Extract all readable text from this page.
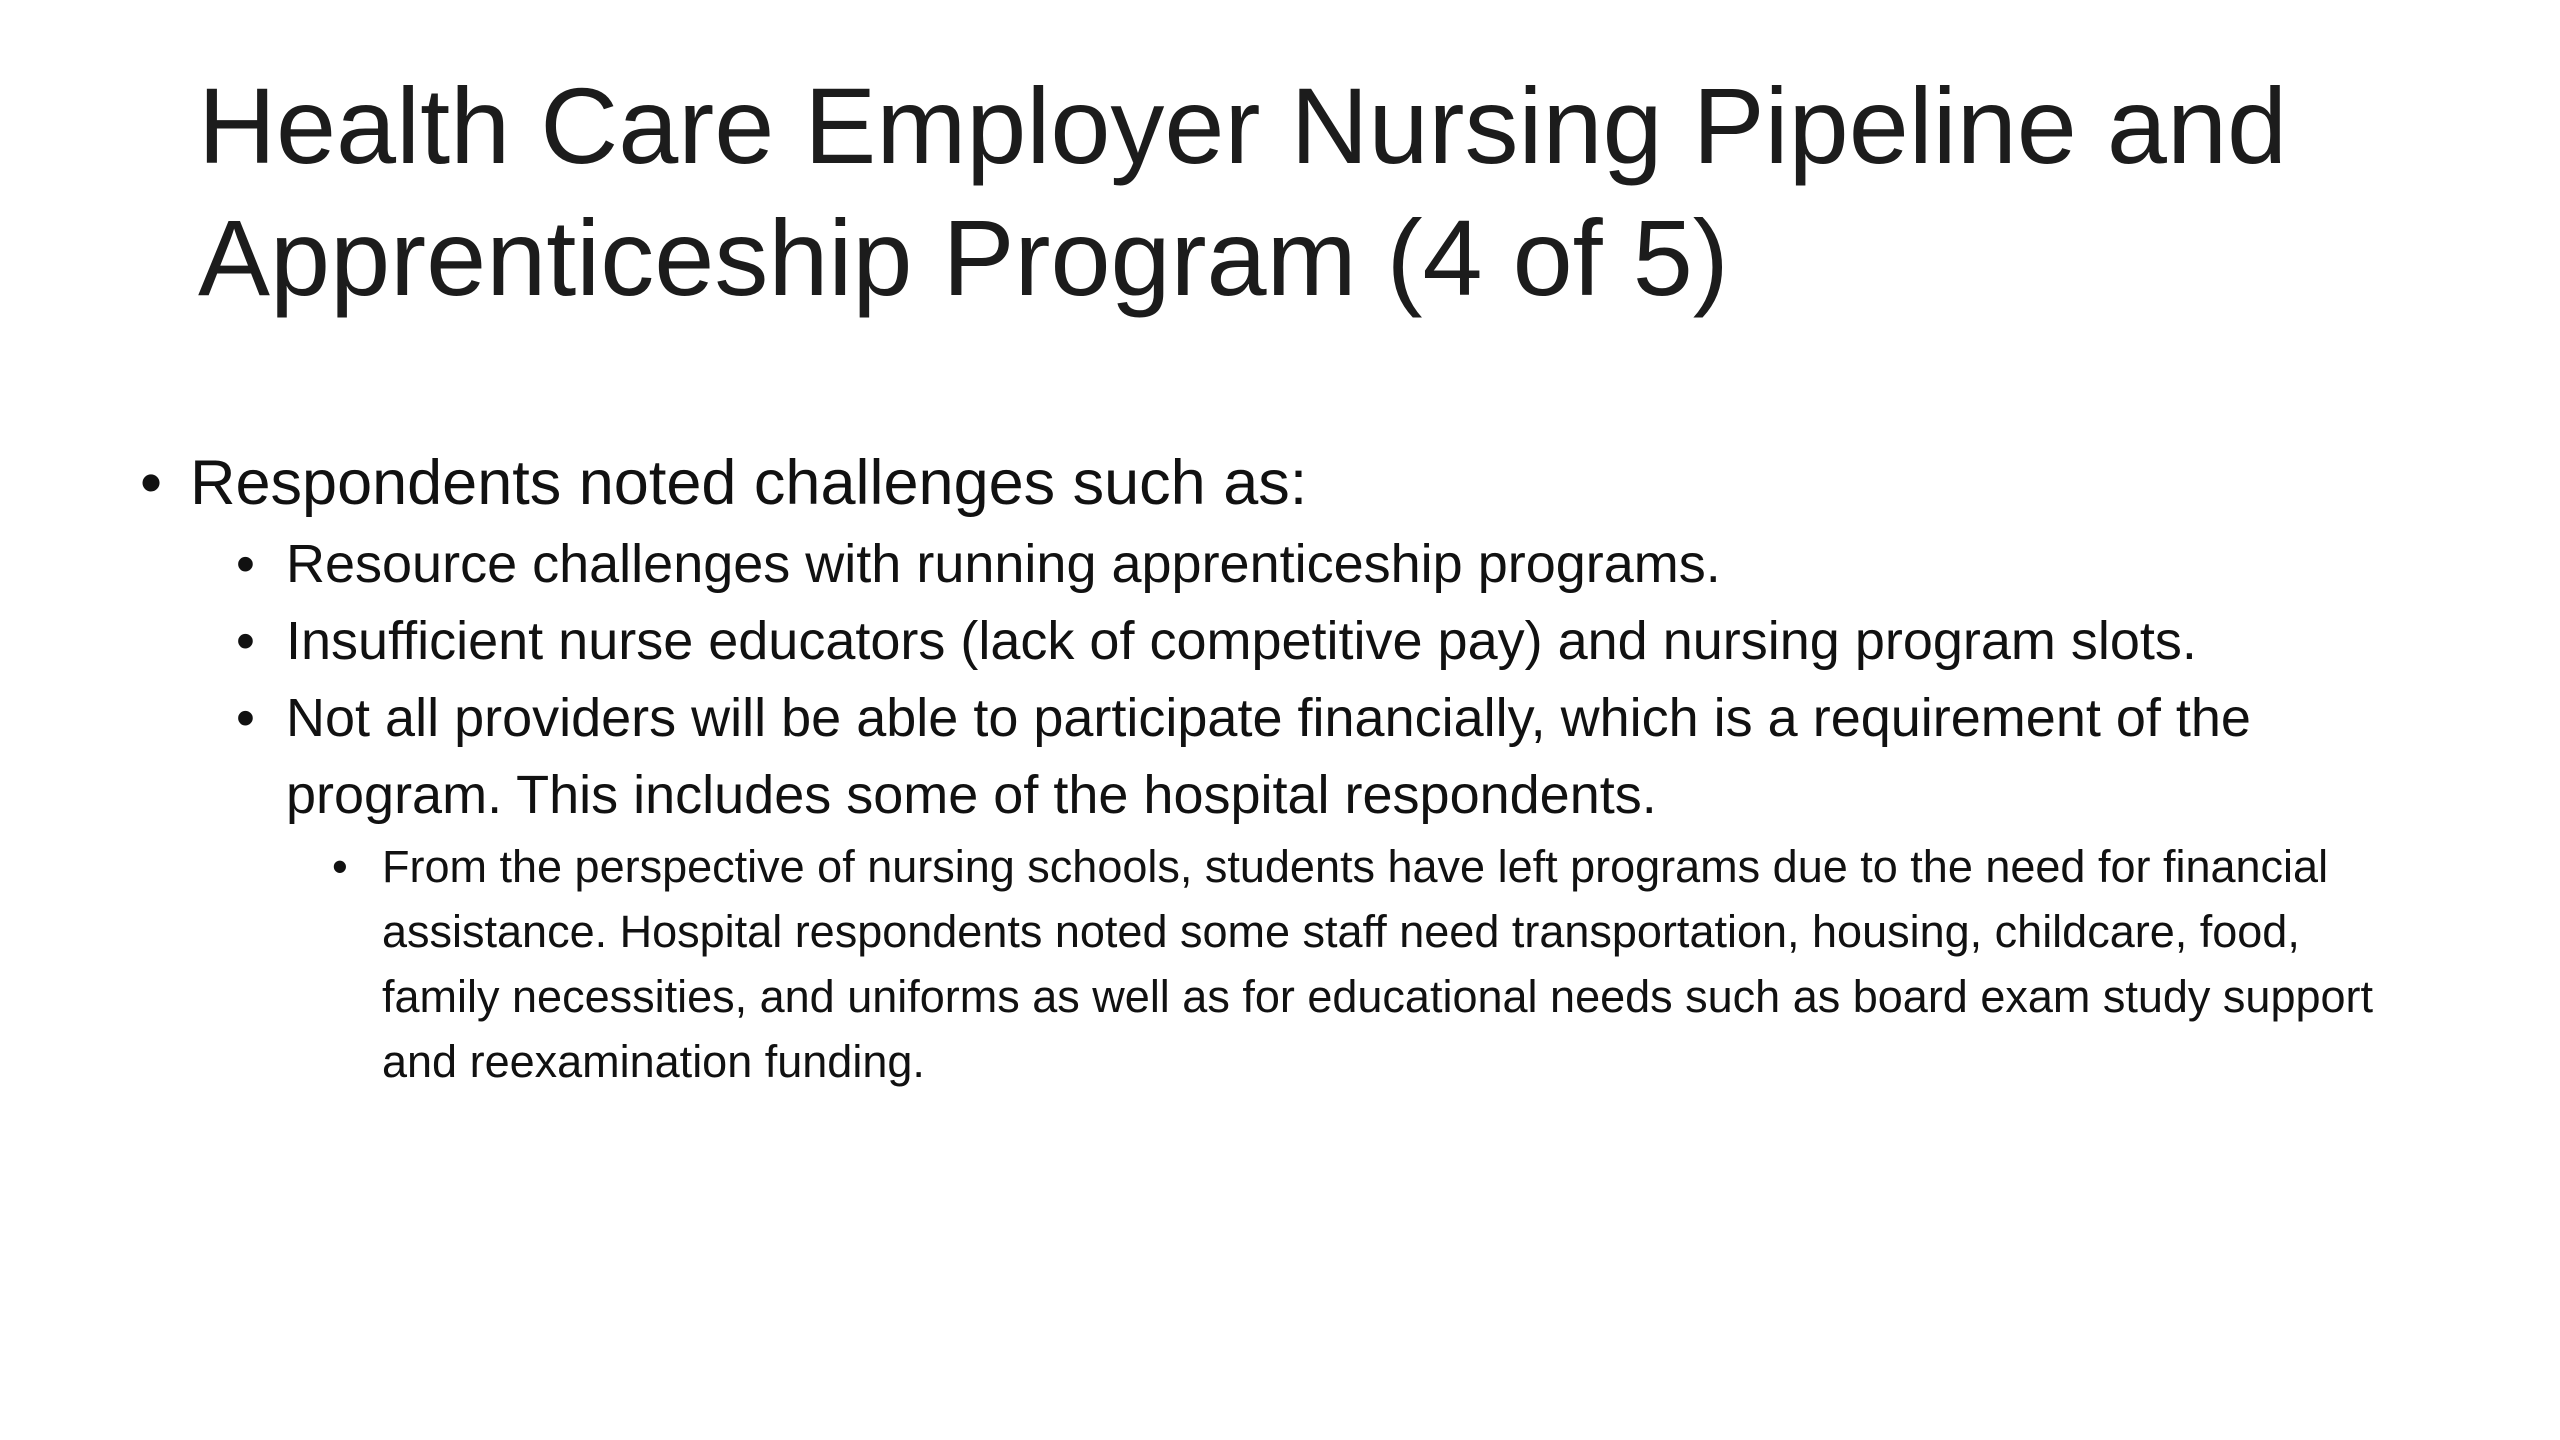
Health Care Employer Nursing Pipeline and
Apprenticeship Program (4 of 5)

• Respondents noted challenges such as:

• Resource challenges with running apprenticeship programs.

• Insufficient nurse educators (lack of competitive pay) and nursing program slots.

• Not all providers will be able to participate financially, which is a requirement of the program. This includes some of the hospital respondents.

• From the perspective of nursing schools, students have left programs due to the need for financial assistance. Hospital respondents noted some staff need transportation, housing, childcare, food, family necessities, and uniforms as well as for educational needs such as board exam study support and reexamination funding.
